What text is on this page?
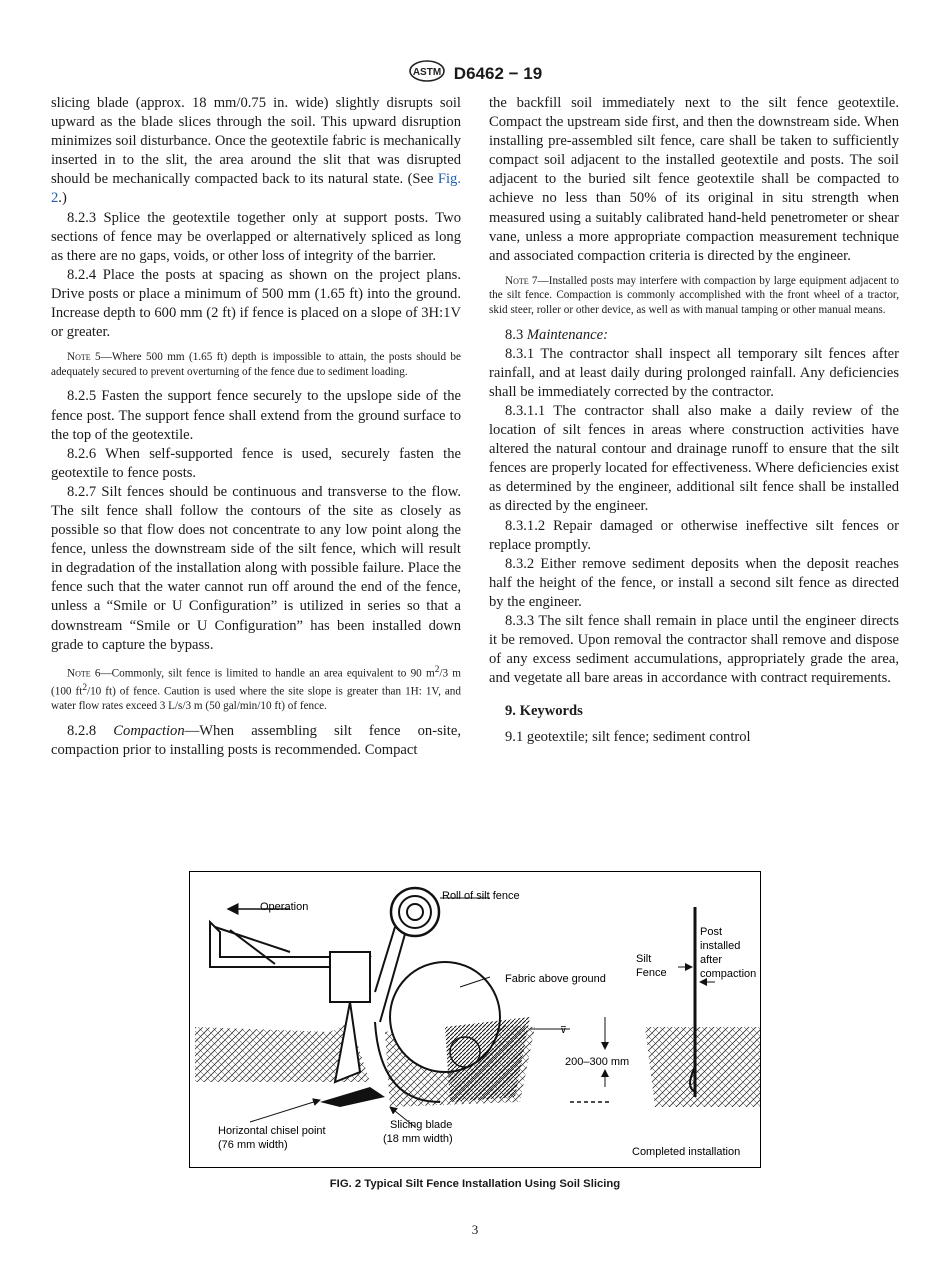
ASTM D6462 − 19

slicing blade (approx. 18 mm/0.75 in. wide) slightly disrupts soil upward as the blade slices through the soil. This upward disruption minimizes soil disturbance. Once the geotextile fabric is mechanically inserted in to the slit, the area around the slit that was disrupted should be mechanically compacted back to its natural state. (See Fig. 2.)

8.2.3 Splice the geotextile together only at support posts. Two sections of fence may be overlapped or alternatively spliced as long as there are no gaps, voids, or other loss of integrity of the barrier.

8.2.4 Place the posts at spacing as shown on the project plans. Drive posts or place a minimum of 500 mm (1.65 ft) into the ground. Increase depth to 600 mm (2 ft) if fence is placed on a slope of 3H:1V or greater.

Note 5—Where 500 mm (1.65 ft) depth is impossible to attain, the posts should be adequately secured to prevent overturning of the fence due to sediment loading.

8.2.5 Fasten the support fence securely to the upslope side of the fence post. The support fence shall extend from the ground surface to the top of the geotextile.

8.2.6 When self-supported fence is used, securely fasten the geotextile to fence posts.

8.2.7 Silt fences should be continuous and transverse to the flow. The silt fence shall follow the contours of the site as closely as possible so that flow does not concentrate to any low point along the fence, unless the downstream side of the silt fence, which will result in degradation of the installation along with possible failure. Place the fence such that the water cannot run off around the end of the fence, unless a “Smile or U Configuration” is utilized in series so that a downstream “Smile or U Configuration” has been installed down grade to capture the bypass.

Note 6—Commonly, silt fence is limited to handle an area equivalent to 90 $m^2/3$ m (100 $ft^2/10$ ft) of fence. Caution is used where the site slope is greater than 1H: 1V, and water flow rates exceed 3 L/s/3 m (50 gal/min/10 ft) of fence.

8.2.8 Compaction—When assembling silt fence on-site, compaction prior to installing posts is recommended. Compact

the backfill soil immediately next to the silt fence geotextile. Compact the upstream side first, and then the downstream side. When installing pre-assembled silt fence, care shall be taken to sufficiently compact soil adjacent to the installed geotextile and posts. The soil adjacent to the buried silt fence geotextile shall be compacted to achieve no less than 50% of its original in situ strength when measured using a suitably calibrated hand-held penetrometer or shear vane, unless a more appropriate compaction measurement technique and associated compaction criteria is directed by the engineer.

Note 7—Installed posts may interfere with compaction by large equipment adjacent to the silt fence. Compaction is commonly accomplished with the front wheel of a tractor, skid steer, roller or other device, as well as with manual tamping or other manual means.

8.3 Maintenance:

8.3.1 The contractor shall inspect all temporary silt fences after rainfall, and at least daily during prolonged rainfall. Any deficiencies shall be immediately corrected by the contractor.

8.3.1.1 The contractor shall also make a daily review of the location of silt fences in areas where construction activities have altered the natural contour and drainage runoff to ensure that the silt fences are properly located for effectiveness. Where deficiencies exist as determined by the engineer, additional silt fence shall be installed as directed by the engineer.

8.3.1.2 Repair damaged or otherwise ineffective silt fences or replace promptly.

8.3.2 Either remove sediment deposits when the deposit reaches half the height of the fence, or install a second silt fence as directed by the engineer.

8.3.3 The silt fence shall remain in place until the engineer directs it be removed. Upon removal the contractor shall remove and dispose of any excess sediment accumulations, appropriately grade the area, and vegetate all bare areas in accordance with contract requirements.

9. Keywords

9.1 geotextile; silt fence; sediment control

⊽
Operation
Roll of silt fence
Fabric above ground
Post
installed
after
compaction
Silt
Fence
200–300 mm
Horizontal chisel point
(76 mm width)
Slicing blade
(18 mm width)
Completed installation
FIG. 2 Typical Silt Fence Installation Using Soil Slicing
3
